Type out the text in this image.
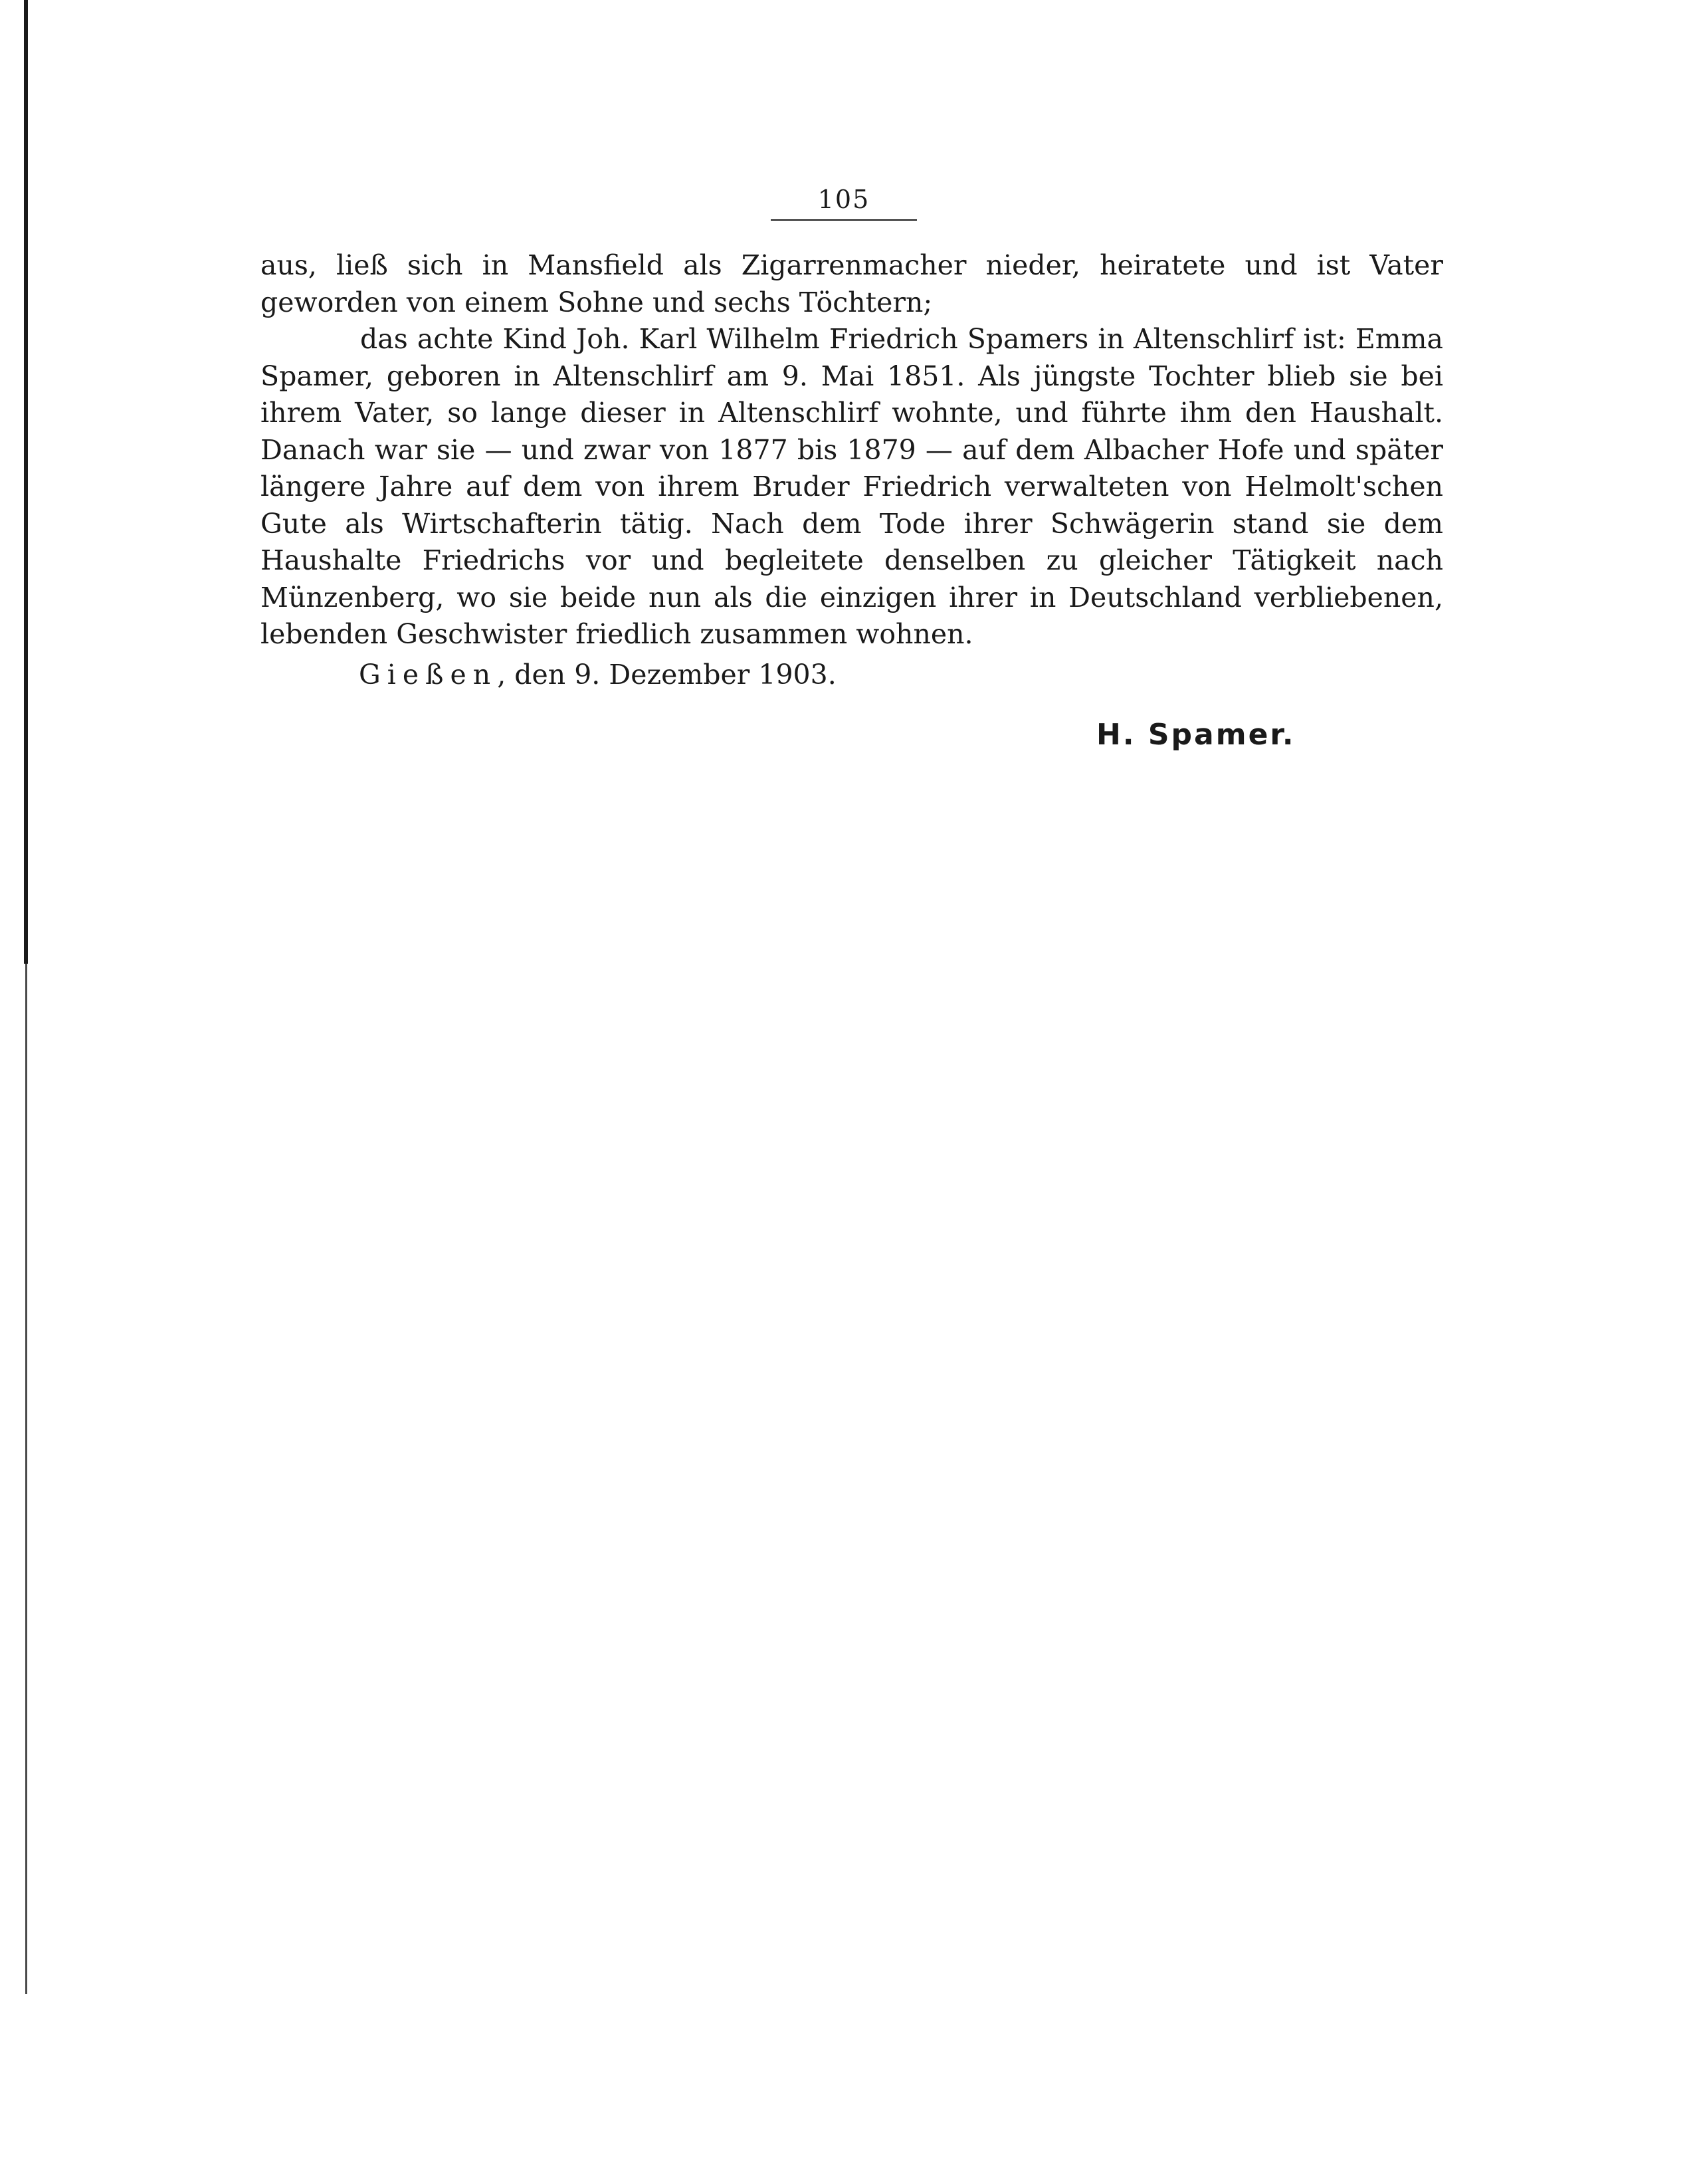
105

aus, ließ sich in Mansfield als Zigarrenmacher nieder, heiratete und ist Vater geworden von einem Sohne und sechs Töchtern;

das achte Kind Joh. Karl Wilhelm Friedrich Spamers in Altenschlirf ist: Emma Spamer, geboren in Altenschlirf am 9. Mai 1851. Als jüngste Tochter blieb sie bei ihrem Vater, so lange dieser in Altenschlirf wohnte, und führte ihm den Haushalt. Danach war sie — und zwar von 1877 bis 1879 — auf dem Albacher Hofe und später längere Jahre auf dem von ihrem Bruder Friedrich verwalteten von Helmolt'schen Gute als Wirtschafterin tätig. Nach dem Tode ihrer Schwägerin stand sie dem Haushalte Friedrichs vor und begleitete denselben zu gleicher Tätigkeit nach Münzenberg, wo sie beide nun als die einzigen ihrer in Deutschland verbliebenen, lebenden Geschwister friedlich zusammen wohnen.

Gießen, den 9. Dezember 1903.
H. Spamer.
